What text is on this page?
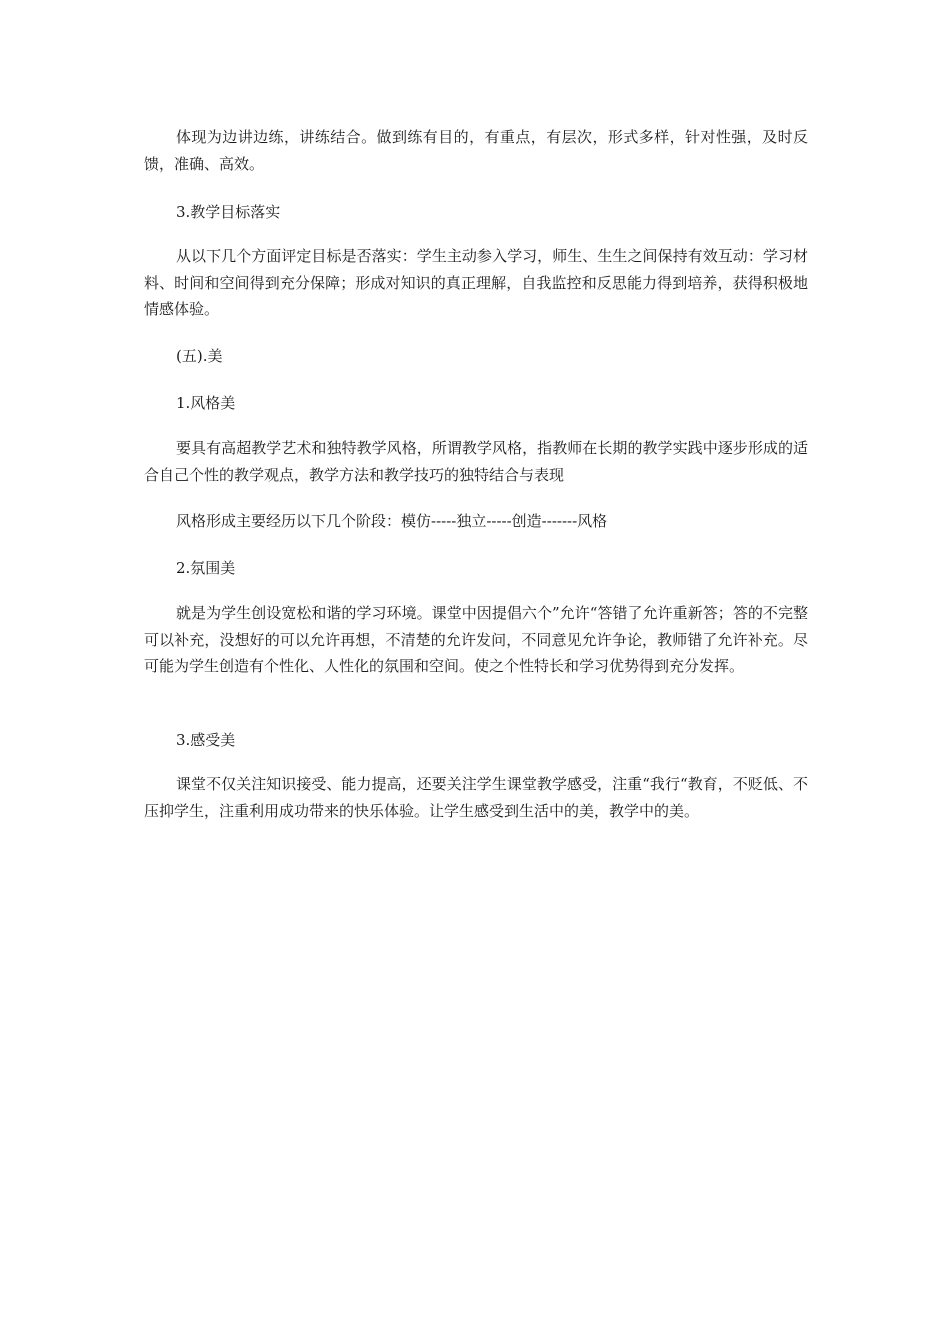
体现为边讲边练，讲练结合。做到练有目的，有重点，有层次，形式多样，针对性强，及时反馈，准确、高效。

3.教学目标落实

从以下几个方面评定目标是否落实：学生主动参入学习，师生、生生之间保持有效互动：学习材料、时间和空间得到充分保障；形成对知识的真正理解，自我监控和反思能力得到培养，获得积极地情感体验。

(五).美

1.风格美

要具有高超教学艺术和独特教学风格，所谓教学风格，指教师在长期的教学实践中逐步形成的适合自己个性的教学观点，教学方法和教学技巧的独特结合与表现

风格形成主要经历以下几个阶段：模仿-----独立-----创造-------风格

2.氛围美

就是为学生创设宽松和谐的学习环境。课堂中因提倡六个”允许“答错了允许重新答；答的不完整可以补充，没想好的可以允许再想，不清楚的允许发问，不同意见允许争论，教师错了允许补充。尽可能为学生创造有个性化、人性化的氛围和空间。使之个性特长和学习优势得到充分发挥。

3.感受美

课堂不仅关注知识接受、能力提高，还要关注学生课堂教学感受，注重“我行“教育，不贬低、不压抑学生，注重利用成功带来的快乐体验。让学生感受到生活中的美，教学中的美。
